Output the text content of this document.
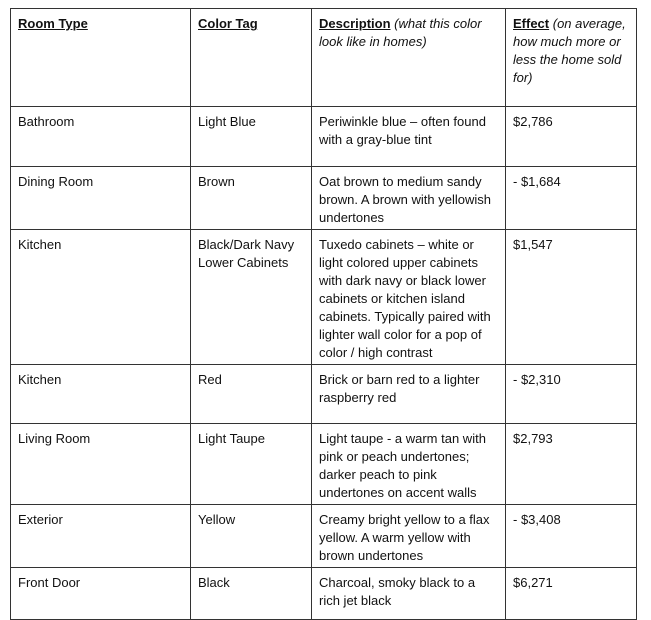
Room Type	Color Tag	Description (what this color look like in homes)	Effect (on average, how much more or less the home sold for)
Bathroom	Light Blue	Periwinkle blue – often found with a gray-blue tint	$2,786
Dining Room	Brown	Oat brown to medium sandy brown. A brown with yellowish undertones	- $1,684
Kitchen	Black/Dark Navy Lower Cabinets	Tuxedo cabinets – white or light colored upper cabinets with dark navy or black lower cabinets or kitchen island cabinets. Typically paired with lighter wall color for a pop of color / high contrast	$1,547
Kitchen	Red	Brick or barn red to a lighter raspberry red	- $2,310
Living Room	Light Taupe	Light taupe - a warm tan with pink or peach undertones; darker peach to pink undertones on accent walls	$2,793
Exterior	Yellow	Creamy bright yellow to a flax yellow. A warm yellow with brown undertones	- $3,408
Front Door	Black	Charcoal, smoky black to a rich jet black	$6,271
